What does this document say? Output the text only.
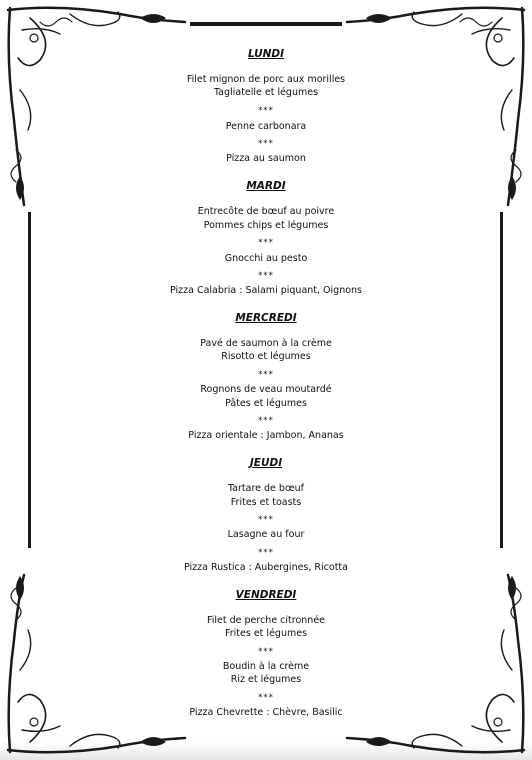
LUNDI
Filet mignon de porc aux morilles
Tagliatelle et légumes
***
Penne carbonara
***
Pizza au saumon
MARDI
Entrecôte de bœuf au poivre
Pommes chips et légumes
***
Gnocchi au pesto
***
Pizza Calabria : Salami piquant, Oignons
MERCREDI
Pavé de saumon à la crème
Risotto et légumes
***
Rognons de veau moutardé
Pâtes et légumes
***
Pizza orientale : Jambon, Ananas
JEUDI
Tartare de bœuf
Frites et toasts
***
Lasagne au four
***
Pizza Rustica : Aubergines, Ricotta
VENDREDI
Filet de perche citronnée
Frites et légumes
***
Boudin à la crème
Riz et légumes
***
Pizza Chevrette : Chèvre, Basilic
